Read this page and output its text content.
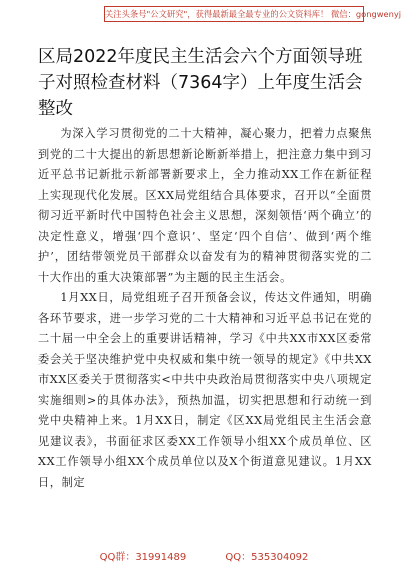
关注头条号"公文研究"，获得最新最全最专业的公文资料库！ 微信：gongwenyj
区局2022年度民主生活会六个方面领导班子对照检查材料（7364字）上年度生活会整改

为深入学习贯彻党的二十大精神，凝心聚力，把着力点聚焦到党的二十大提出的新思想新论断新举措上，把注意力集中到习近平总书记新批示新部署新要求上，全力推动XX工作在新征程上实现现代化发展。区XX局党组结合具体要求，召开以“全面贯彻习近平新时代中国特色社会主义思想，深刻领悟‘两个确立’的决定性意义，增强‘四个意识’、坚定‘四个自信’、做到‘两个维护’，团结带领党员干部群众以奋发有为的精神贯彻落实党的二十大作出的重大决策部署”为主题的民主生活会。

1月XX日，局党组班子召开预备会议，传达文件通知，明确各环节要求，进一步学习党的二十大精神和习近平总书记在党的二十届一中全会上的重要讲话精神，学习《中共XX市XX区委常委会关于坚决维护党中央权威和集中统一领导的规定》《中共XX市XX区委关于贯彻落实<中共中央政治局贯彻落实中央八项规定实施细则>的具体办法》，预热加温，切实把思想和行动统一到党中央精神上来。1月XX日，制定《区XX局党组民主生活会意见建议表》，书面征求区委XX工作领导小组XX个成员单位、区XX工作领导小组XX个成员单位以及X个街道意见建议。1月XX日，制定

QQ群：31991489	QQ：535304092
